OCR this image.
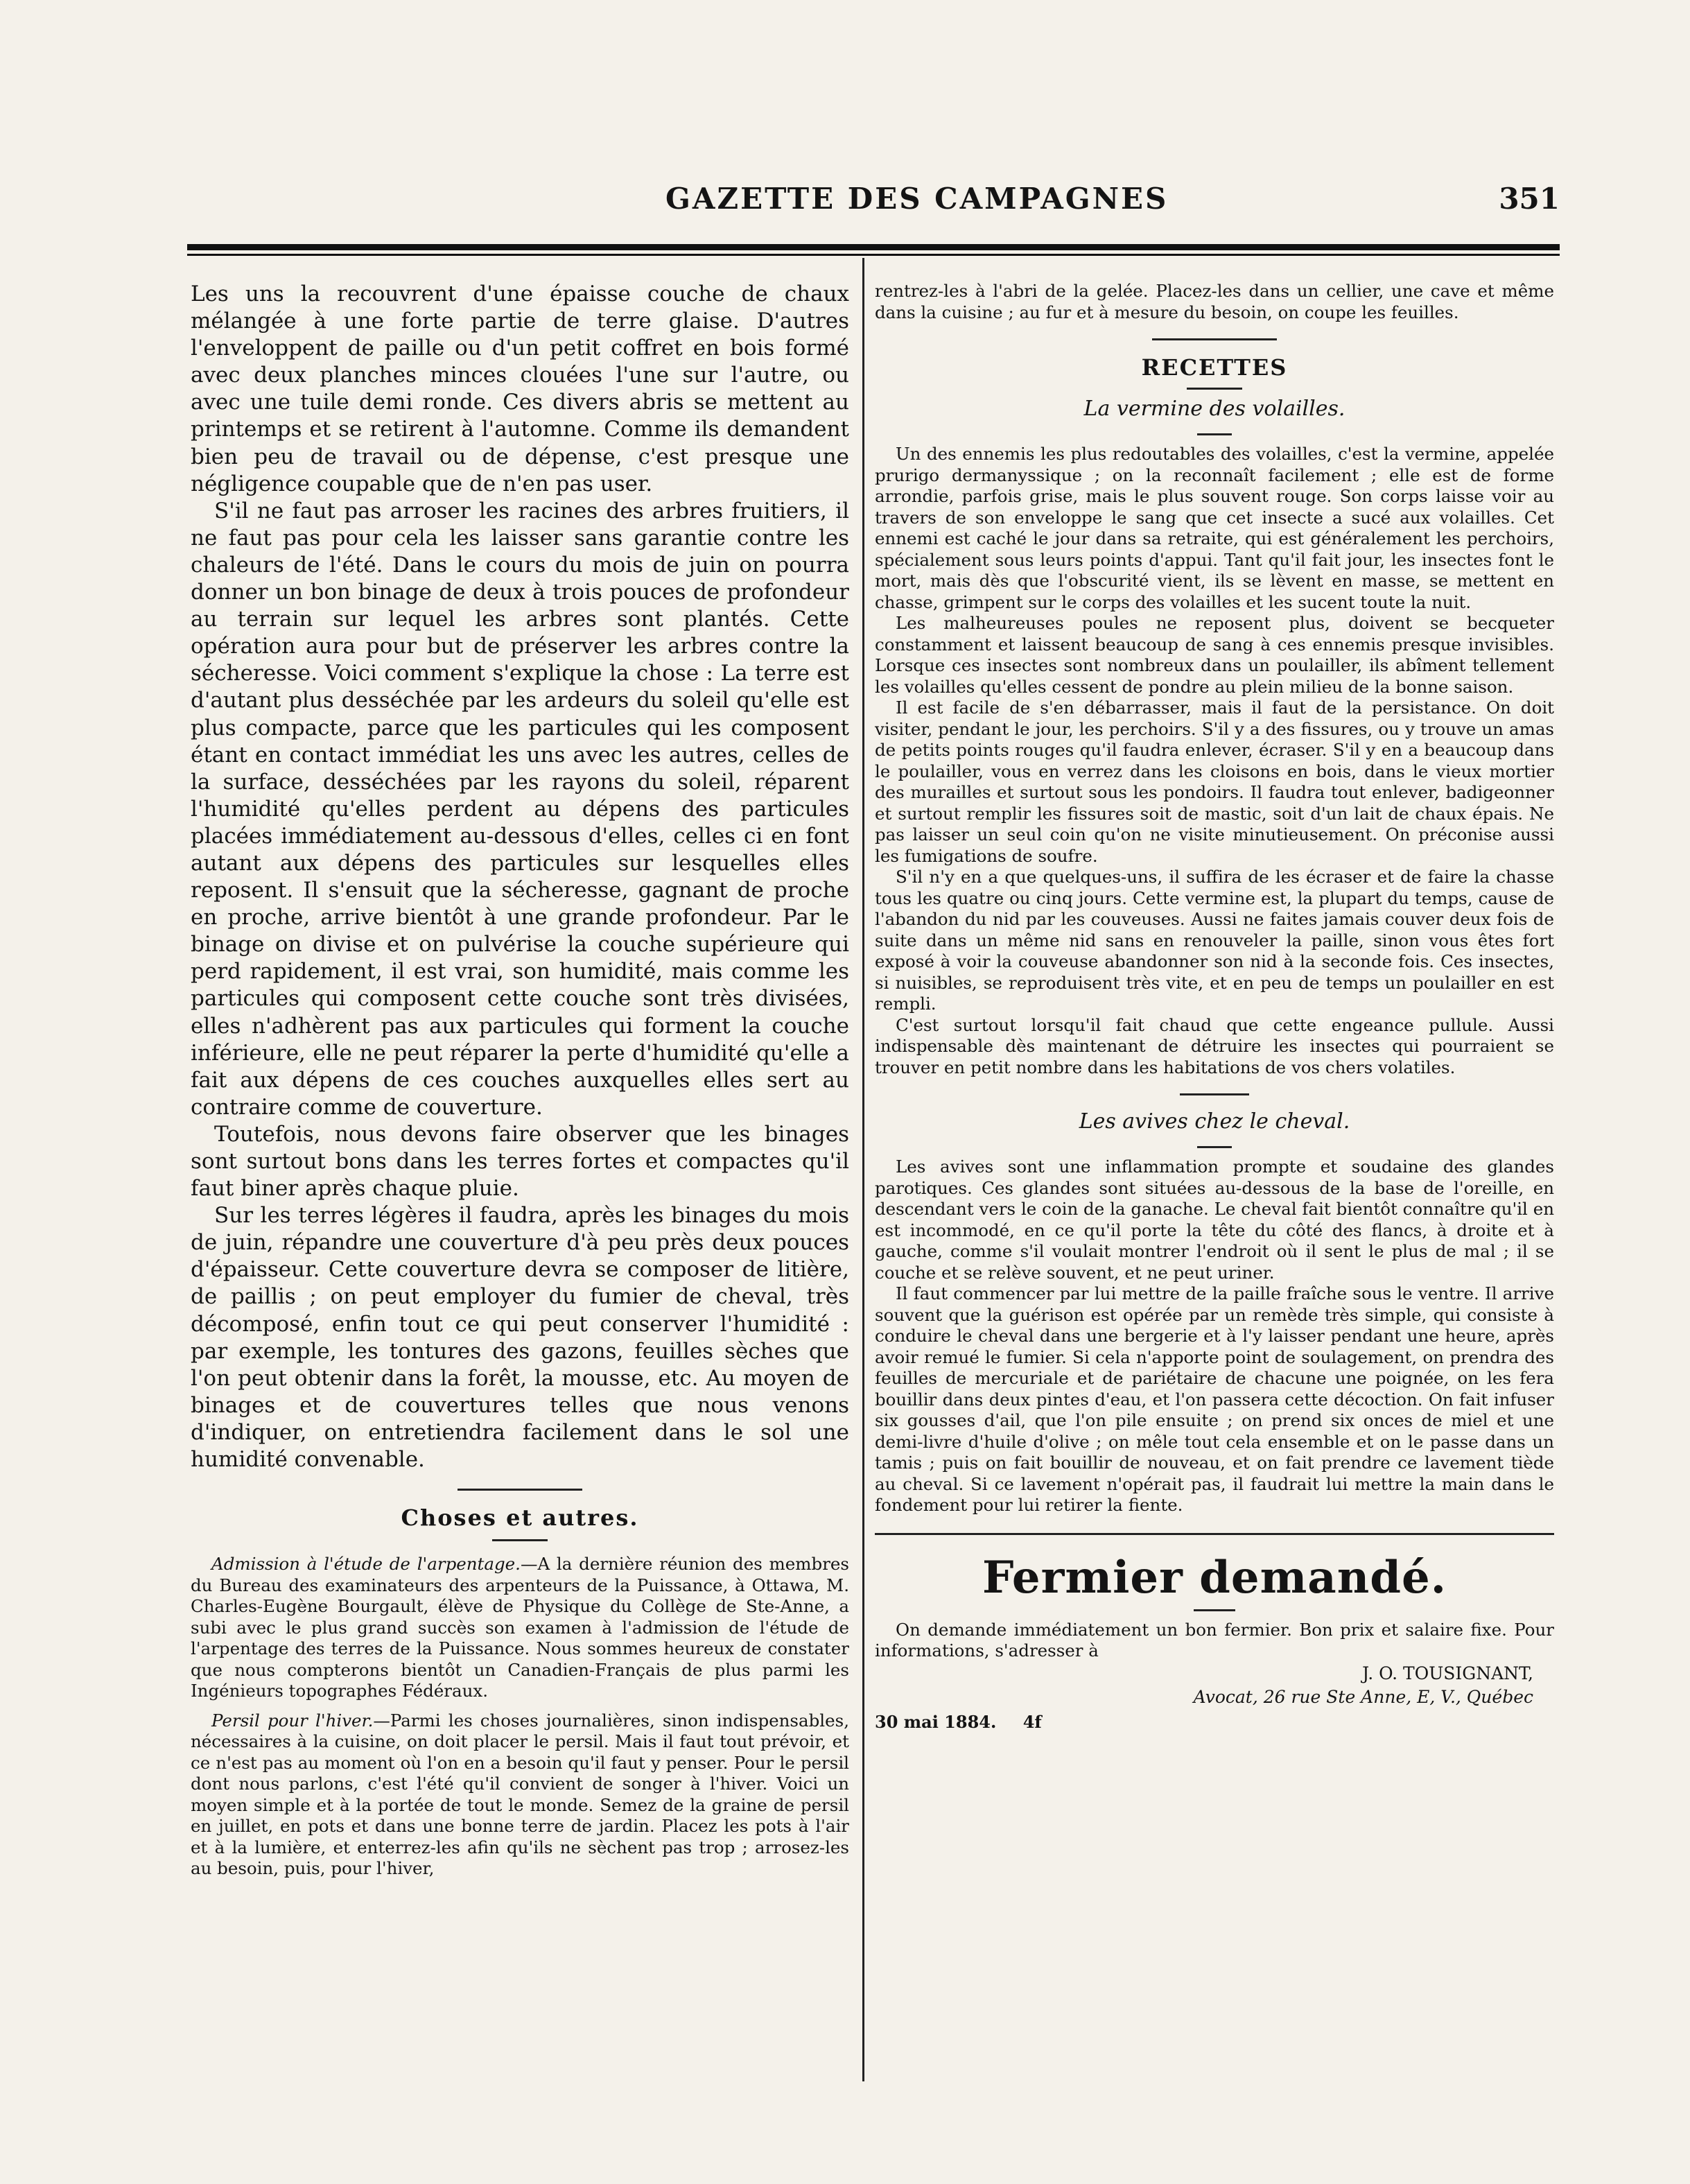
GAZETTE DES CAMPAGNES	351

Les uns la recouvrent d'une épaisse couche de chaux mélangée à une forte partie de terre glaise. D'autres l'enveloppent de paille ou d'un petit coffret en bois formé avec deux planches minces clouées l'une sur l'autre, ou avec une tuile demi ronde. Ces divers abris se mettent au printemps et se retirent à l'automne. Comme ils demandent bien peu de travail ou de dépense, c'est presque une négligence coupable que de n'en pas user.

S'il ne faut pas arroser les racines des arbres fruitiers, il ne faut pas pour cela les laisser sans garantie contre les chaleurs de l'été. Dans le cours du mois de juin on pourra donner un bon binage de deux à trois pouces de profondeur au terrain sur lequel les arbres sont plantés. Cette opération aura pour but de préserver les arbres contre la sécheresse. Voici comment s'explique la chose : La terre est d'autant plus desséchée par les ardeurs du soleil qu'elle est plus compacte, parce que les particules qui les composent étant en contact immédiat les uns avec les autres, celles de la surface, desséchées par les rayons du soleil, réparent l'humidité qu'elles perdent au dépens des particules placées immédiatement au-dessous d'elles, celles ci en font autant aux dépens des particules sur lesquelles elles reposent. Il s'ensuit que la sécheresse, gagnant de proche en proche, arrive bientôt à une grande profondeur. Par le binage on divise et on pulvérise la couche supérieure qui perd rapidement, il est vrai, son humidité, mais comme les particules qui composent cette couche sont très divisées, elles n'adhèrent pas aux particules qui forment la couche inférieure, elle ne peut réparer la perte d'humidité qu'elle a fait aux dépens de ces couches auxquelles elles sert au contraire comme de couverture.

Toutefois, nous devons faire observer que les binages sont surtout bons dans les terres fortes et compactes qu'il faut biner après chaque pluie.

Sur les terres légères il faudra, après les binages du mois de juin, répandre une couverture d'à peu près deux pouces d'épaisseur. Cette couverture devra se composer de litière, de paillis ; on peut employer du fumier de cheval, très décomposé, enfin tout ce qui peut conserver l'humidité : par exemple, les tontures des gazons, feuilles sèches que l'on peut obtenir dans la forêt, la mousse, etc. Au moyen de binages et de couvertures telles que nous venons d'indiquer, on entretiendra facilement dans le sol une humidité convenable.

Choses et autres.

Admission à l'étude de l'arpentage.—A la dernière réunion des membres du Bureau des examinateurs des arpenteurs de la Puissance, à Ottawa, M. Charles-Eugène Bourgault, élève de Physique du Collège de Ste-Anne, a subi avec le plus grand succès son examen à l'admission de l'étude de l'arpentage des terres de la Puissance. Nous sommes heureux de constater que nous compterons bientôt un Canadien-Français de plus parmi les Ingénieurs topographes Fédéraux.

Persil pour l'hiver.—Parmi les choses journalières, sinon indispensables, nécessaires à la cuisine, on doit placer le persil. Mais il faut tout prévoir, et ce n'est pas au moment où l'on en a besoin qu'il faut y penser. Pour le persil dont nous parlons, c'est l'été qu'il convient de songer à l'hiver. Voici un moyen simple et à la portée de tout le monde. Semez de la graine de persil en juillet, en pots et dans une bonne terre de jardin. Placez les pots à l'air et à la lumière, et enterrez-les afin qu'ils ne sèchent pas trop ; arrosez-les au besoin, puis, pour l'hiver,

rentrez-les à l'abri de la gelée. Placez-les dans un cellier, une cave et même dans la cuisine ; au fur et à mesure du besoin, on coupe les feuilles.

RECETTES
La vermine des volailles.

Un des ennemis les plus redoutables des volailles, c'est la vermine, appelée prurigo dermanyssique ; on la reconnaît facilement ; elle est de forme arrondie, parfois grise, mais le plus souvent rouge. Son corps laisse voir au travers de son enveloppe le sang que cet insecte a sucé aux volailles. Cet ennemi est caché le jour dans sa retraite, qui est généralement les perchoirs, spécialement sous leurs points d'appui. Tant qu'il fait jour, les insectes font le mort, mais dès que l'obscurité vient, ils se lèvent en masse, se mettent en chasse, grimpent sur le corps des volailles et les sucent toute la nuit.

Les malheureuses poules ne reposent plus, doivent se becqueter constamment et laissent beaucoup de sang à ces ennemis presque invisibles. Lorsque ces insectes sont nombreux dans un poulailler, ils abîment tellement les volailles qu'elles cessent de pondre au plein milieu de la bonne saison.

Il est facile de s'en débarrasser, mais il faut de la persistance. On doit visiter, pendant le jour, les perchoirs. S'il y a des fissures, ou y trouve un amas de petits points rouges qu'il faudra enlever, écraser. S'il y en a beaucoup dans le poulailler, vous en verrez dans les cloisons en bois, dans le vieux mortier des murailles et surtout sous les pondoirs. Il faudra tout enlever, badigeonner et surtout remplir les fissures soit de mastic, soit d'un lait de chaux épais. Ne pas laisser un seul coin qu'on ne visite minutieusement. On préconise aussi les fumigations de soufre.

S'il n'y en a que quelques-uns, il suffira de les écraser et de faire la chasse tous les quatre ou cinq jours. Cette vermine est, la plupart du temps, cause de l'abandon du nid par les couveuses. Aussi ne faites jamais couver deux fois de suite dans un même nid sans en renouveler la paille, sinon vous êtes fort exposé à voir la couveuse abandonner son nid à la seconde fois. Ces insectes, si nuisibles, se reproduisent très vite, et en peu de temps un poulailler en est rempli.

C'est surtout lorsqu'il fait chaud que cette engeance pullule. Aussi indispensable dès maintenant de détruire les insectes qui pourraient se trouver en petit nombre dans les habitations de vos chers volatiles.

Les avives chez le cheval.

Les avives sont une inflammation prompte et soudaine des glandes parotiques. Ces glandes sont situées au-dessous de la base de l'oreille, en descendant vers le coin de la ganache. Le cheval fait bientôt connaître qu'il en est incommodé, en ce qu'il porte la tête du côté des flancs, à droite et à gauche, comme s'il voulait montrer l'endroit où il sent le plus de mal ; il se couche et se relève souvent, et ne peut uriner.

Il faut commencer par lui mettre de la paille fraîche sous le ventre. Il arrive souvent que la guérison est opérée par un remède très simple, qui consiste à conduire le cheval dans une bergerie et à l'y laisser pendant une heure, après avoir remué le fumier. Si cela n'apporte point de soulagement, on prendra des feuilles de mercuriale et de pariétaire de chacune une poignée, on les fera bouillir dans deux pintes d'eau, et l'on passera cette décoction. On fait infuser six gousses d'ail, que l'on pile ensuite ; on prend six onces de miel et une demi-livre d'huile d'olive ; on mêle tout cela ensemble et on le passe dans un tamis ; puis on fait bouillir de nouveau, et on fait prendre ce lavement tiède au cheval. Si ce lavement n'opérait pas, il faudrait lui mettre la main dans le fondement pour lui retirer la fiente.

Fermier demandé.

On demande immédiatement un bon fermier. Bon prix et salaire fixe. Pour informations, s'adresser à

J. O. TOUSIGNANT,
Avocat, 26 rue Ste Anne, E, V., Québec
30 mai 1884. 4f
